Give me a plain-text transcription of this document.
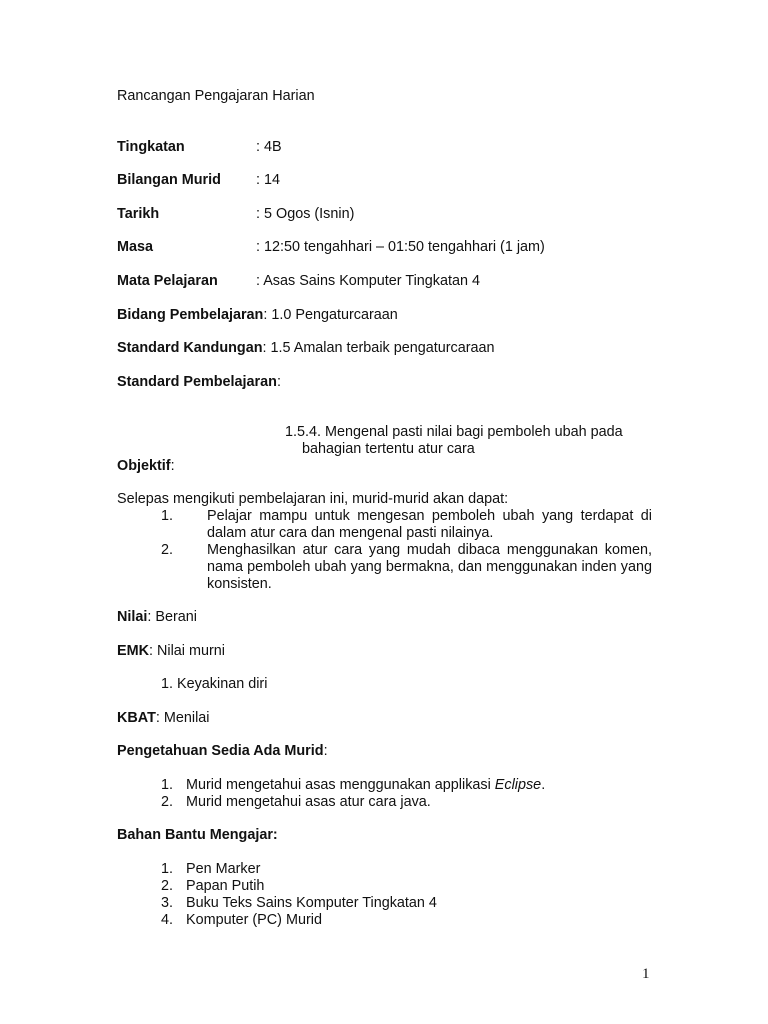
Rancangan Pengajaran Harian
Tingkatan	: 4B
Bilangan Murid : 14
Tarikh	: 5 Ogos (Isnin)
Masa	: 12:50 tengahhari – 01:50 tengahhari (1 jam)
Mata Pelajaran	: Asas Sains Komputer Tingkatan 4
Bidang Pembelajaran: 1.0 Pengaturcaraan
Standard Kandungan: 1.5 Amalan terbaik pengaturcaraan
Standard Pembelajaran:
1.5.4. Mengenal pasti nilai bagi pemboleh ubah pada
bahagian tertentu atur cara
Objektif:
Selepas mengikuti pembelajaran ini, murid-murid akan dapat:
1. Pelajar mampu untuk mengesan pemboleh ubah yang terdapat di dalam atur cara dan mengenal pasti nilainya.
2. Menghasilkan atur cara yang mudah dibaca menggunakan komen, nama pemboleh ubah yang bermakna, dan menggunakan inden yang konsisten.
Nilai: Berani
EMK: Nilai murni
1. Keyakinan diri
KBAT: Menilai
Pengetahuan Sedia Ada Murid:
1. Murid mengetahui asas menggunakan applikasi Eclipse.
2. Murid mengetahui asas atur cara java.
Bahan Bantu Mengajar:
1. Pen Marker
2. Papan Putih
3. Buku Teks Sains Komputer Tingkatan 4
4. Komputer (PC) Murid
1
